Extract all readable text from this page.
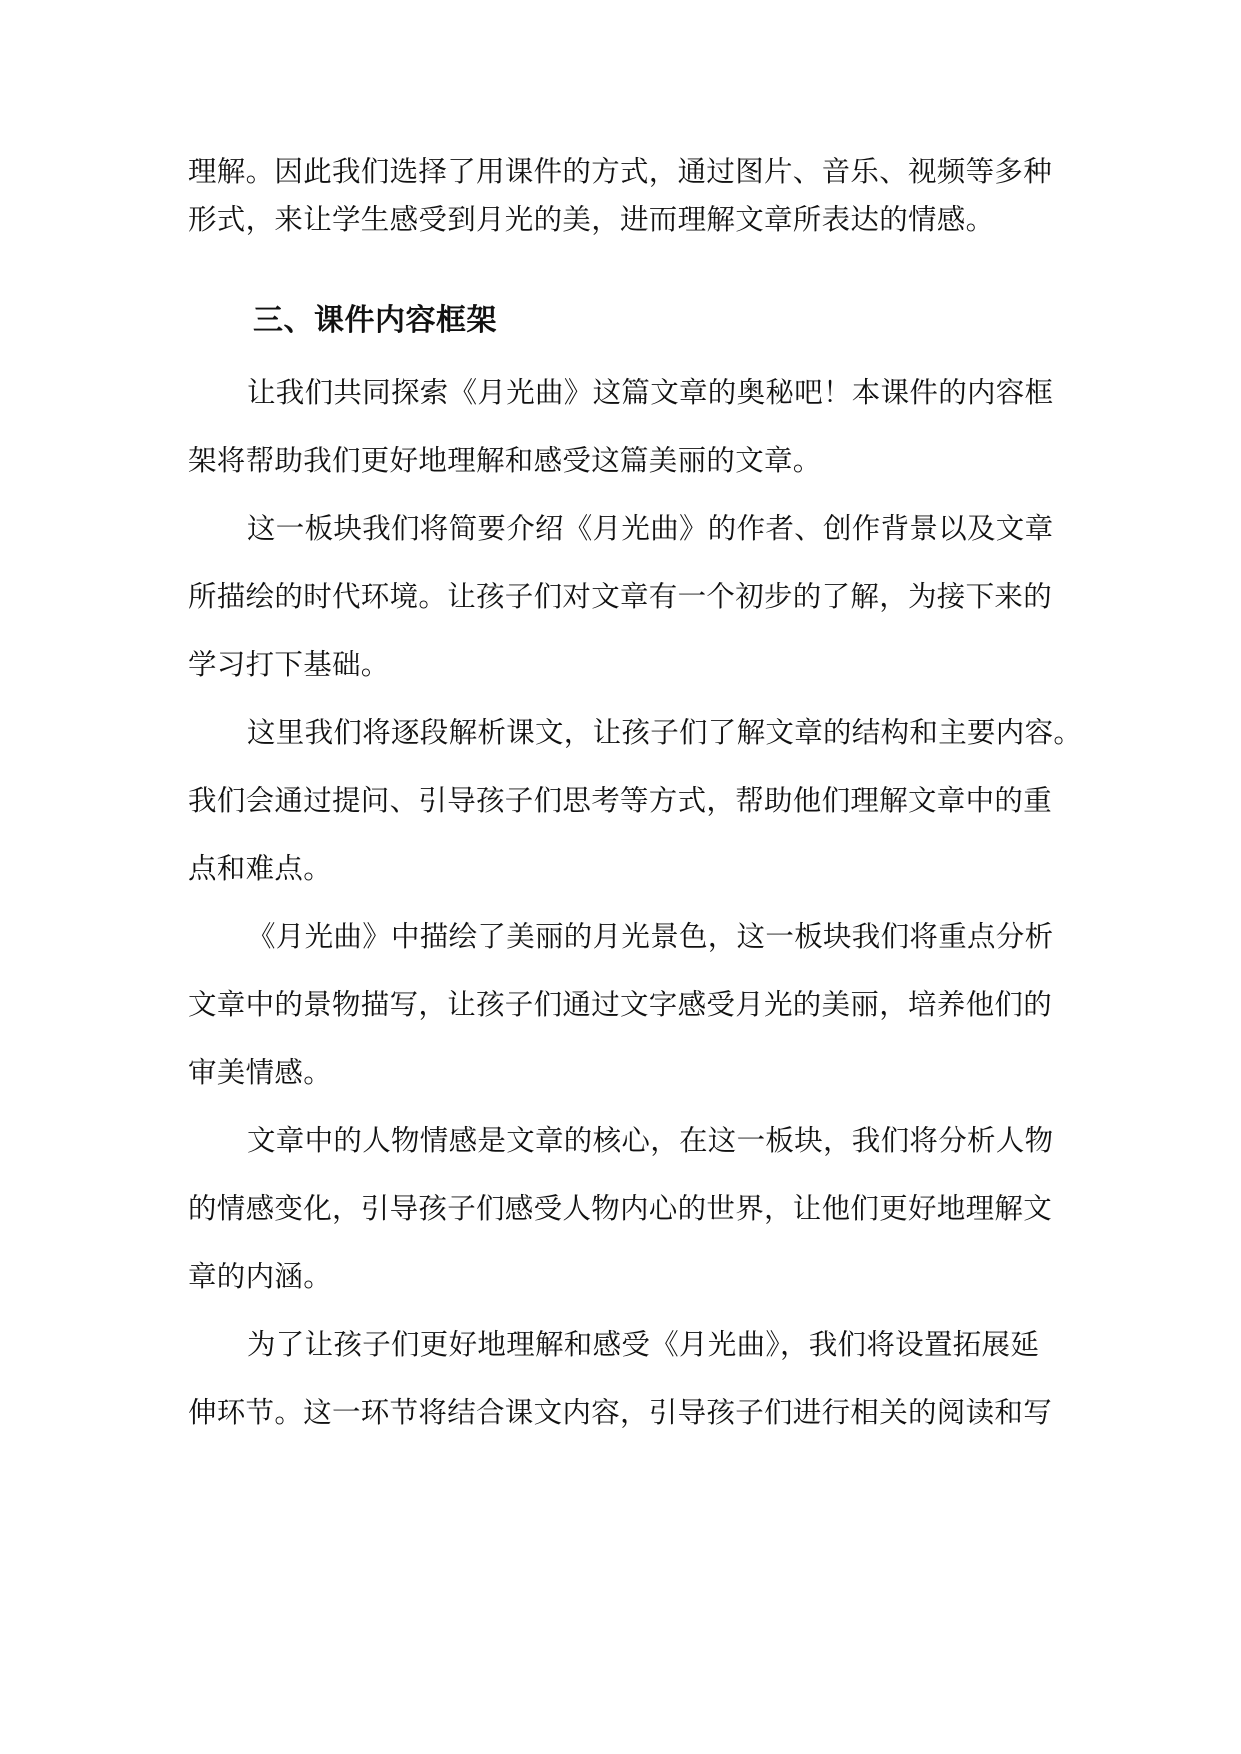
理解。因此我们选择了用课件的方式，通过图片、音乐、视频等多种
形式，来让学生感受到月光的美，进而理解文章所表达的情感。
三、课件内容框架
让我们共同探索《月光曲》这篇文章的奥秘吧！本课件的内容框
架将帮助我们更好地理解和感受这篇美丽的文章。
这一板块我们将简要介绍《月光曲》的作者、创作背景以及文章
所描绘的时代环境。让孩子们对文章有一个初步的了解，为接下来的
学习打下基础。
这里我们将逐段解析课文，让孩子们了解文章的结构和主要内容。
我们会通过提问、引导孩子们思考等方式，帮助他们理解文章中的重
点和难点。
《月光曲》中描绘了美丽的月光景色，这一板块我们将重点分析
文章中的景物描写，让孩子们通过文字感受月光的美丽，培养他们的
审美情感。
文章中的人物情感是文章的核心，在这一板块，我们将分析人物
的情感变化，引导孩子们感受人物内心的世界，让他们更好地理解文
章的内涵。
为了让孩子们更好地理解和感受《月光曲》，我们将设置拓展延
伸环节。这一环节将结合课文内容，引导孩子们进行相关的阅读和写
